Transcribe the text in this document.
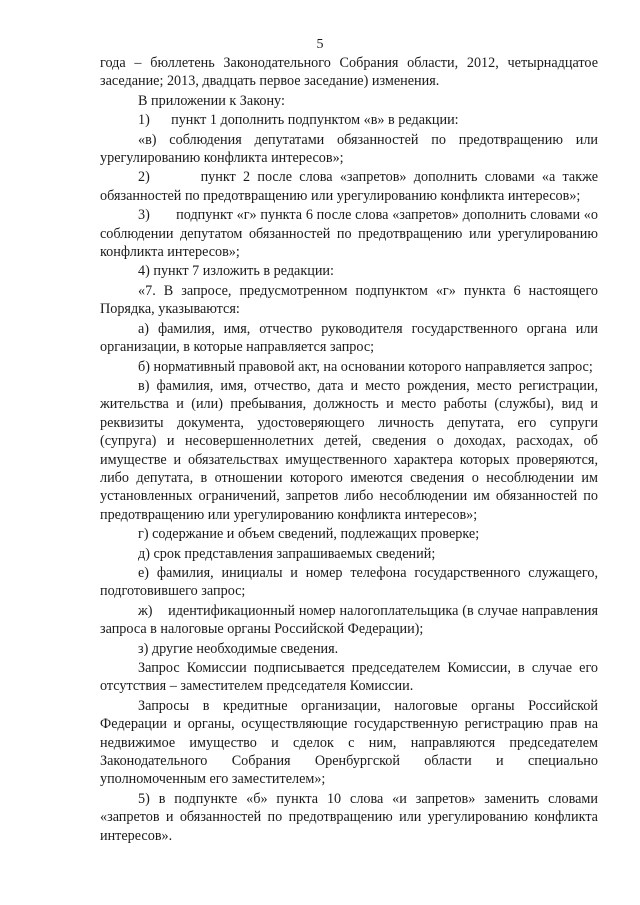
5

года – бюллетень Законодательного Собрания области, 2012, четырнадцатое заседание; 2013, двадцать первое заседание) изменения.

В приложении к Закону:

1)      пункт 1 дополнить подпунктом «в» в редакции:

«в) соблюдения депутатами обязанностей по предотвращению или урегулированию конфликта интересов»;

2)       пункт 2 после слова «запретов» дополнить словами «а также обязанностей по предотвращению или урегулированию конфликта интересов»;

3)       подпункт «г» пункта 6 после слова «запретов» дополнить словами «о соблюдении депутатом обязанностей по предотвращению или урегулированию конфликта интересов»;

4) пункт 7 изложить в редакции:

«7. В запросе, предусмотренном подпунктом «г» пункта 6 настоящего Порядка, указываются:

а) фамилия, имя, отчество руководителя государственного органа или организации, в которые направляется запрос;

б) нормативный правовой акт, на основании которого направляется запрос;

в) фамилия, имя, отчество, дата и место рождения, место регистрации, жительства и (или) пребывания, должность и место работы (службы), вид и реквизиты документа, удостоверяющего личность депутата, его супруги (супруга) и несовершеннолетних детей, сведения о доходах, расходах, об имуществе и обязательствах имущественного характера которых проверяются, либо депутата, в отношении которого имеются сведения о несоблюдении им установленных ограничений, запретов либо несоблюдении им обязанностей по предотвращению или урегулированию конфликта интересов»;

г) содержание и объем сведений, подлежащих проверке;

д) срок представления запрашиваемых сведений;

е) фамилия, инициалы и номер телефона государственного служащего, подготовившего запрос;

ж)    идентификационный номер налогоплательщика (в случае направления запроса в налоговые органы Российской Федерации);

з) другие необходимые сведения.

Запрос Комиссии подписывается председателем Комиссии, в случае его отсутствия – заместителем председателя Комиссии.

Запросы в кредитные организации, налоговые органы Российской Федерации и органы, осуществляющие государственную регистрацию прав на недвижимое имущество и сделок с ним, направляются председателем Законодательного Собрания Оренбургской области и специально уполномоченным его заместителем»;

5) в подпункте «б» пункта 10 слова «и запретов» заменить словами «запретов и обязанностей по предотвращению или урегулированию конфликта интересов».
